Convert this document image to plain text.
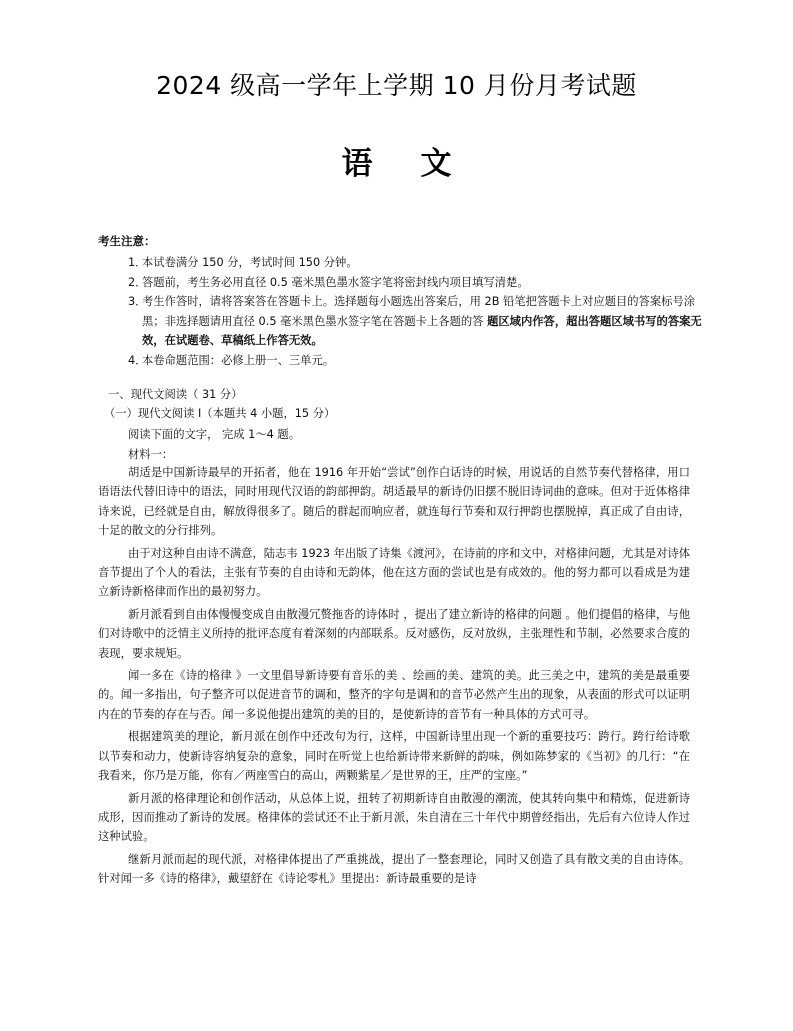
2024 级高一学年上学期 10 月份月考试题
语文
考生注意：
1．
本试卷满分 150 分，考试时间 150 分钟。
2．
答题前，考生务必用直径 0.5 毫米黑色墨水签字笔将密封线内项目填写清楚。
3．
考生作答时，请将答案答在答题卡上。选择题每小题选出答案后，用 2B 铅笔把答题卡上对应题目的答案标号涂黑；非选择题请用直径 0.5 毫米黑色墨水签字笔在答题卡上各题的答 题区域内作答，超出答题区域书写的答案无效，在试题卷、草稿纸上作答无效。
4．
本卷命题范围：必修上册一、三单元。
一、现代文阅读（ 31 分）
（一）现代文阅读 I（本题共 4 小题，15 分）
阅读下面的文字， 完成 1～4 题。
材料一：

胡适是中国新诗最早的开拓者，他在 1916 年开始“尝试”创作白话诗的时候，用说话的自然节奏代替格律，用口语语法代替旧诗中的语法，同时用现代汉语的韵部押韵。胡适最早的新诗仍旧摆不脱旧诗词曲的意味。但对于近体格律诗来说，已经就是自由，解放得很多了。随后的群起而响应者，就连每行节奏和双行押韵也摆脱掉，真正成了自由诗，十足的散文的分行排列。

由于对这种自由诗不满意，陆志韦 1923 年出版了诗集《渡河》，在诗前的序和文中，对格律问题，尤其是对诗体音节提出了个人的看法，主张有节奏的自由诗和无韵体，他在这方面的尝试也是有成效的。他的努力都可以看成是为建立新诗新格律而作出的最初努力。

新月派看到自由体慢慢变成自由散漫冗赘拖沓的诗体时 ，提出了建立新诗的格律的问题 。他们提倡的格律，与他们对诗歌中的泛情主义所持的批评态度有着深刻的内部联系。反对感伤，反对放纵，主张理性和节制，必然要求合度的表现，要求规矩。

闻一多在《诗的格律 》一文里倡导新诗要有音乐的美 、绘画的美、建筑的美。此三美之中，建筑的美是最重要的。闻一多指出，句子整齐可以促进音节的调和，整齐的字句是调和的音节必然产生出的现象，从表面的形式可以证明内在的节奏的存在与否。闻一多说他提出建筑的美的目的，是使新诗的音节有一种具体的方式可寻。

根据建筑美的理论，新月派在创作中还改句为行，这样，中国新诗里出现一个新的重要技巧：跨行。跨行给诗歌以节奏和动力，使新诗容纳复杂的意象，同时在听觉上也给新诗带来新鲜的韵味，例如陈梦家的《当初》的几行：“在我看来，你乃是万能，你有／两座雪白的高山，两颗紫星／是世界的王，庄严的宝座。”

新月派的格律理论和创作活动，从总体上说，扭转了初期新诗自由散漫的潮流，使其转向集中和精炼，促进新诗成形，因而推动了新诗的发展。格律体的尝试还不止于新月派，朱自清在三十年代中期曾经指出，先后有六位诗人作过这种试验。

继新月派而起的现代派，对格律体提出了严重挑战，提出了一整套理论，同时又创造了具有散文美的自由诗体。针对闻一多《诗的格律》，戴望舒在《诗论零札》里提出：新诗最重要的是诗
